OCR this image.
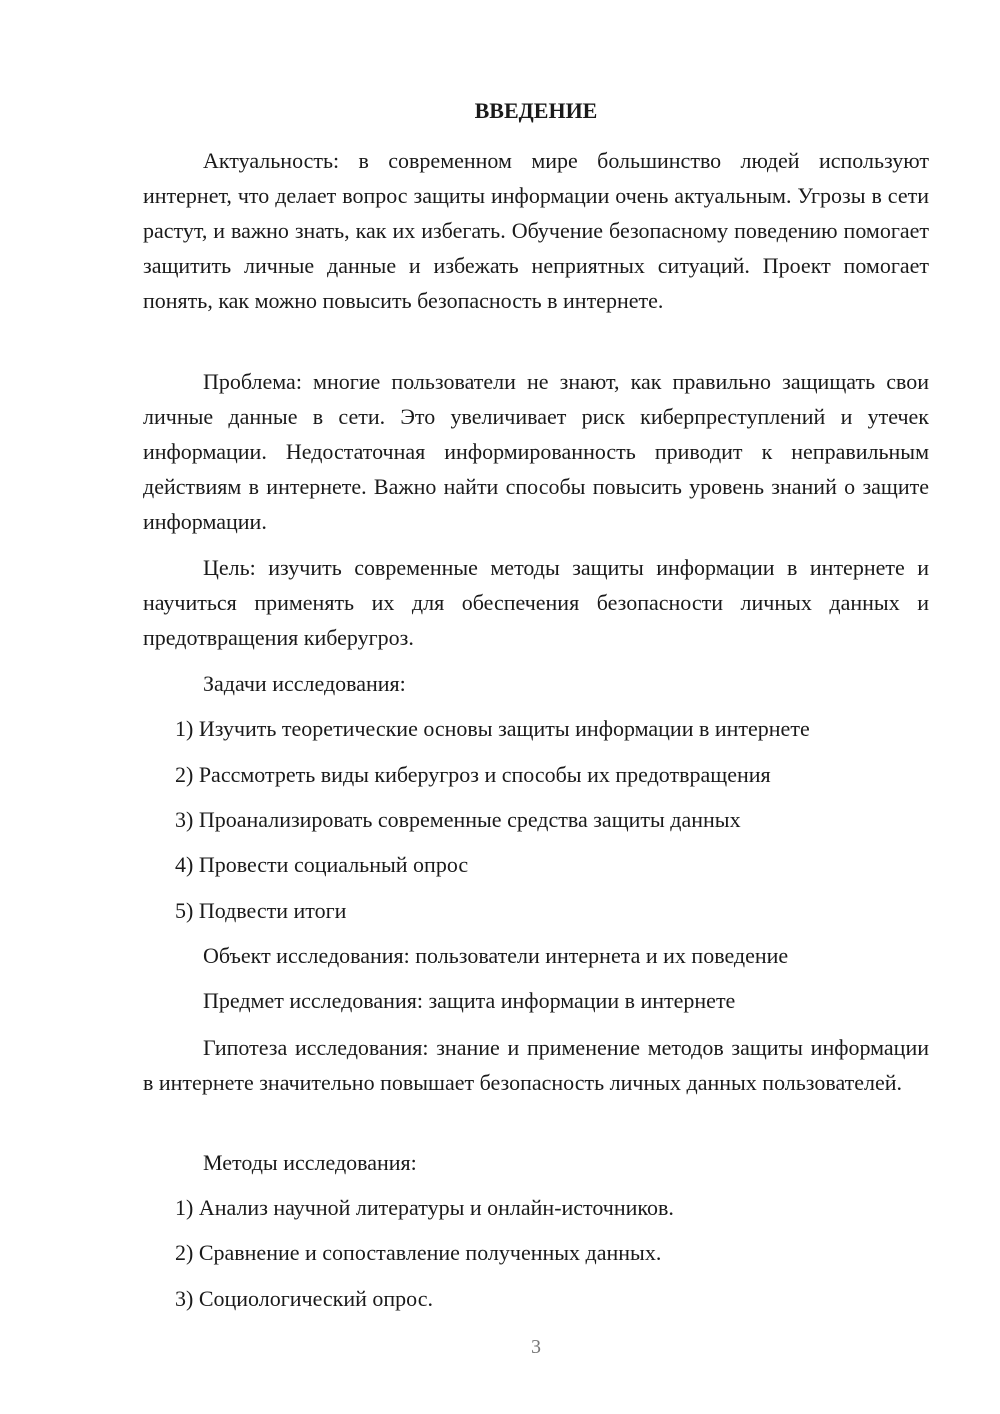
ВВЕДЕНИЕ
Актуальность: в современном мире большинство людей используют интернет, что делает вопрос защиты информации очень актуальным. Угрозы в сети растут, и важно знать, как их избегать. Обучение безопасному поведению помогает защитить личные данные и избежать неприятных ситуаций. Проект помогает понять, как можно повысить безопасность в интернете.
Проблема: многие пользователи не знают, как правильно защищать свои личные данные в сети. Это увеличивает риск киберпреступлений и утечек информации. Недостаточная информированность приводит к неправильным действиям в интернете. Важно найти способы повысить уровень знаний о защите информации.
Цель: изучить современные методы защиты информации в интернете и научиться применять их для обеспечения безопасности личных данных и предотвращения киберугроз.
Задачи исследования:
1) Изучить теоретические основы защиты информации в интернете
2) Рассмотреть виды киберугроз и способы их предотвращения
3) Проанализировать современные средства защиты данных
4) Провести социальный опрос
5) Подвести итоги
Объект исследования: пользователи интернета и их поведение
Предмет исследования: защита информации в интернете
Гипотеза исследования: знание и применение методов защиты информации в интернете значительно повышает безопасность личных данных пользователей.
Методы исследования:
1) Анализ научной литературы и онлайн-источников.
2) Сравнение и сопоставление полученных данных.
3) Социологический опрос.
3
